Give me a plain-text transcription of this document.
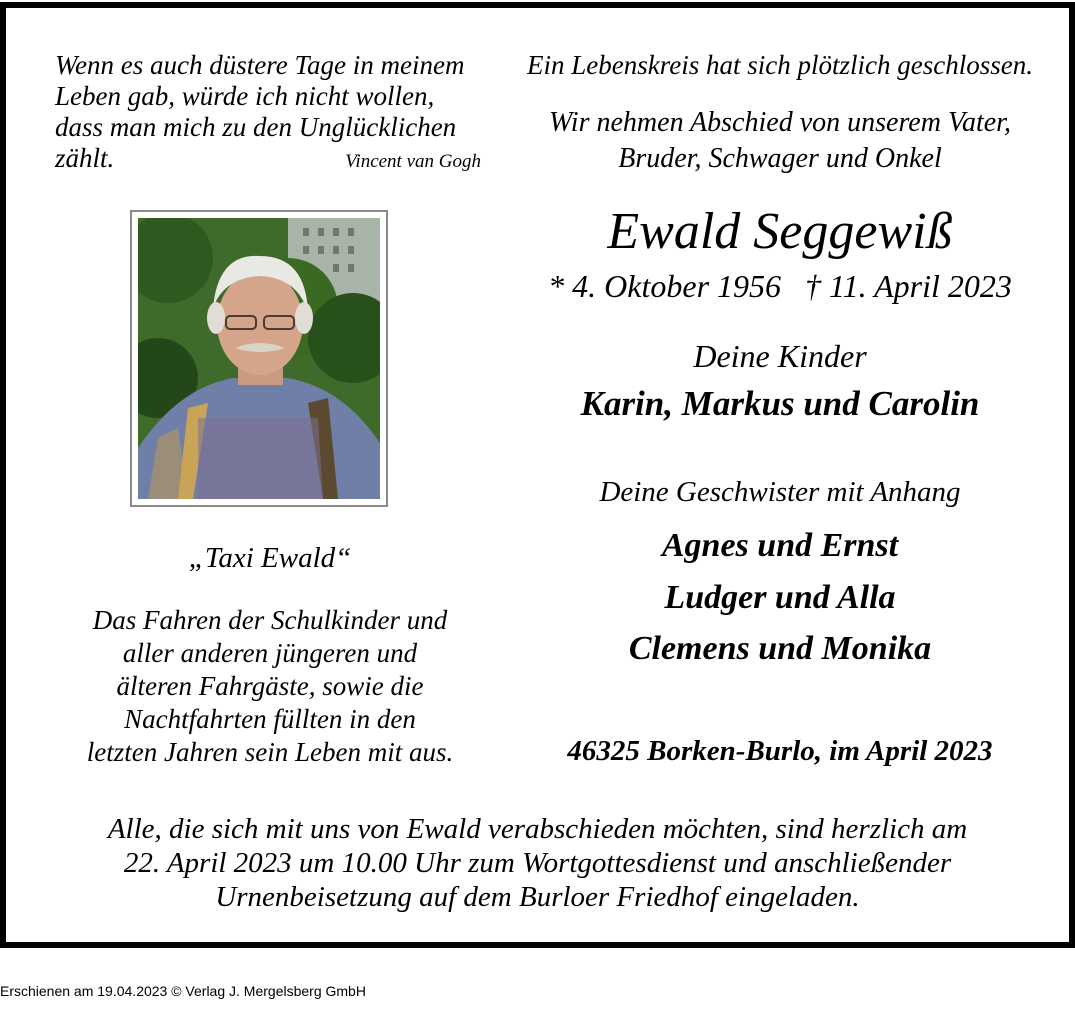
Wenn es auch düstere Tage in meinem
Leben gab, würde ich nicht wollen,
dass man mich zu den Unglücklichen
zählt.	Vincent van Gogh
„Taxi Ewald“
Das Fahren der Schulkinder und
aller anderen jüngeren und
älteren Fahrgäste, sowie die
Nachtfahrten füllten in den
letzten Jahren sein Leben mit aus.
Ein Lebenskreis hat sich plötzlich geschlossen.
Wir nehmen Abschied von unserem Vater,
Bruder, Schwager und Onkel
Ewald Seggewiß
* 4. Oktober 1956 † 11. April 2023
Deine Kinder
Karin, Markus und Carolin
Deine Geschwister mit Anhang
Agnes und Ernst
Ludger und Alla
Clemens und Monika
46325 Borken-Burlo, im April 2023
Alle, die sich mit uns von Ewald verabschieden möchten, sind herzlich am
22. April 2023 um 10.00 Uhr zum Wortgottesdienst und anschließender
Urnenbeisetzung auf dem Burloer Friedhof eingeladen.
Erschienen am 19.04.2023 © Verlag J. Mergelsberg GmbH
